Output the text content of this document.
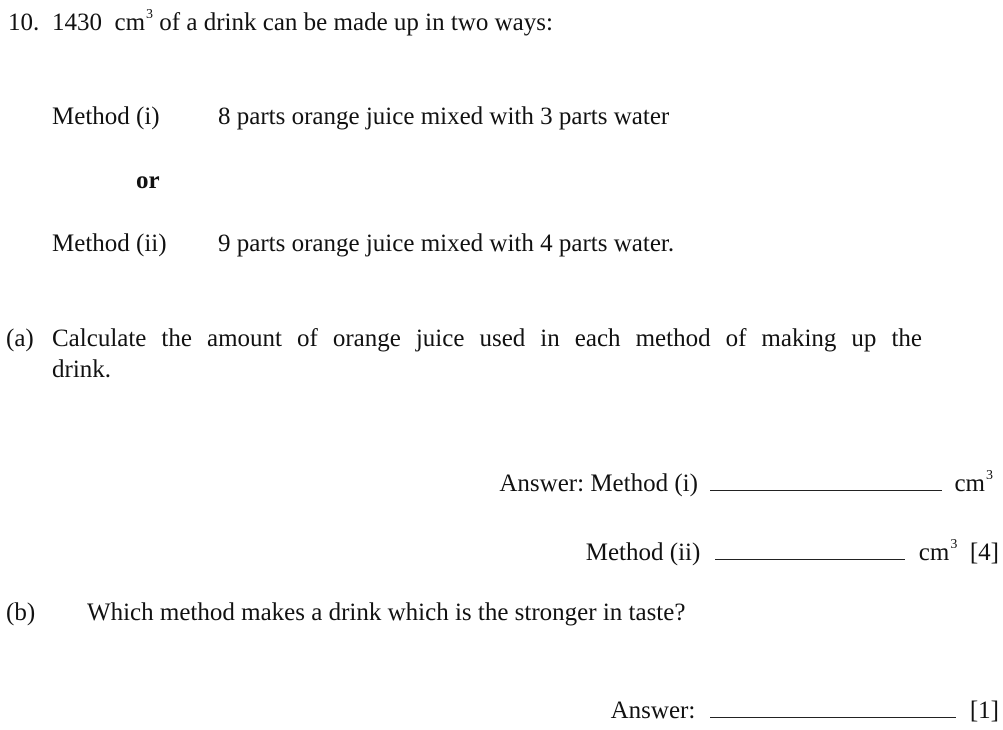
10. 1430 $cm^3$ of a drink can be made up in two ways:
Method (i) 8 parts orange juice mixed with 3 parts water
or
Method (ii) 9 parts orange juice mixed with 4 parts water.
(a) Calculate the amount of orange juice used in each method of making up the
drink.
Answer: Method (i)	$cm^3$
Method (ii)	$cm^3$ [4]
(b) Which method makes a drink which is the stronger in taste?
Answer:	[1]
